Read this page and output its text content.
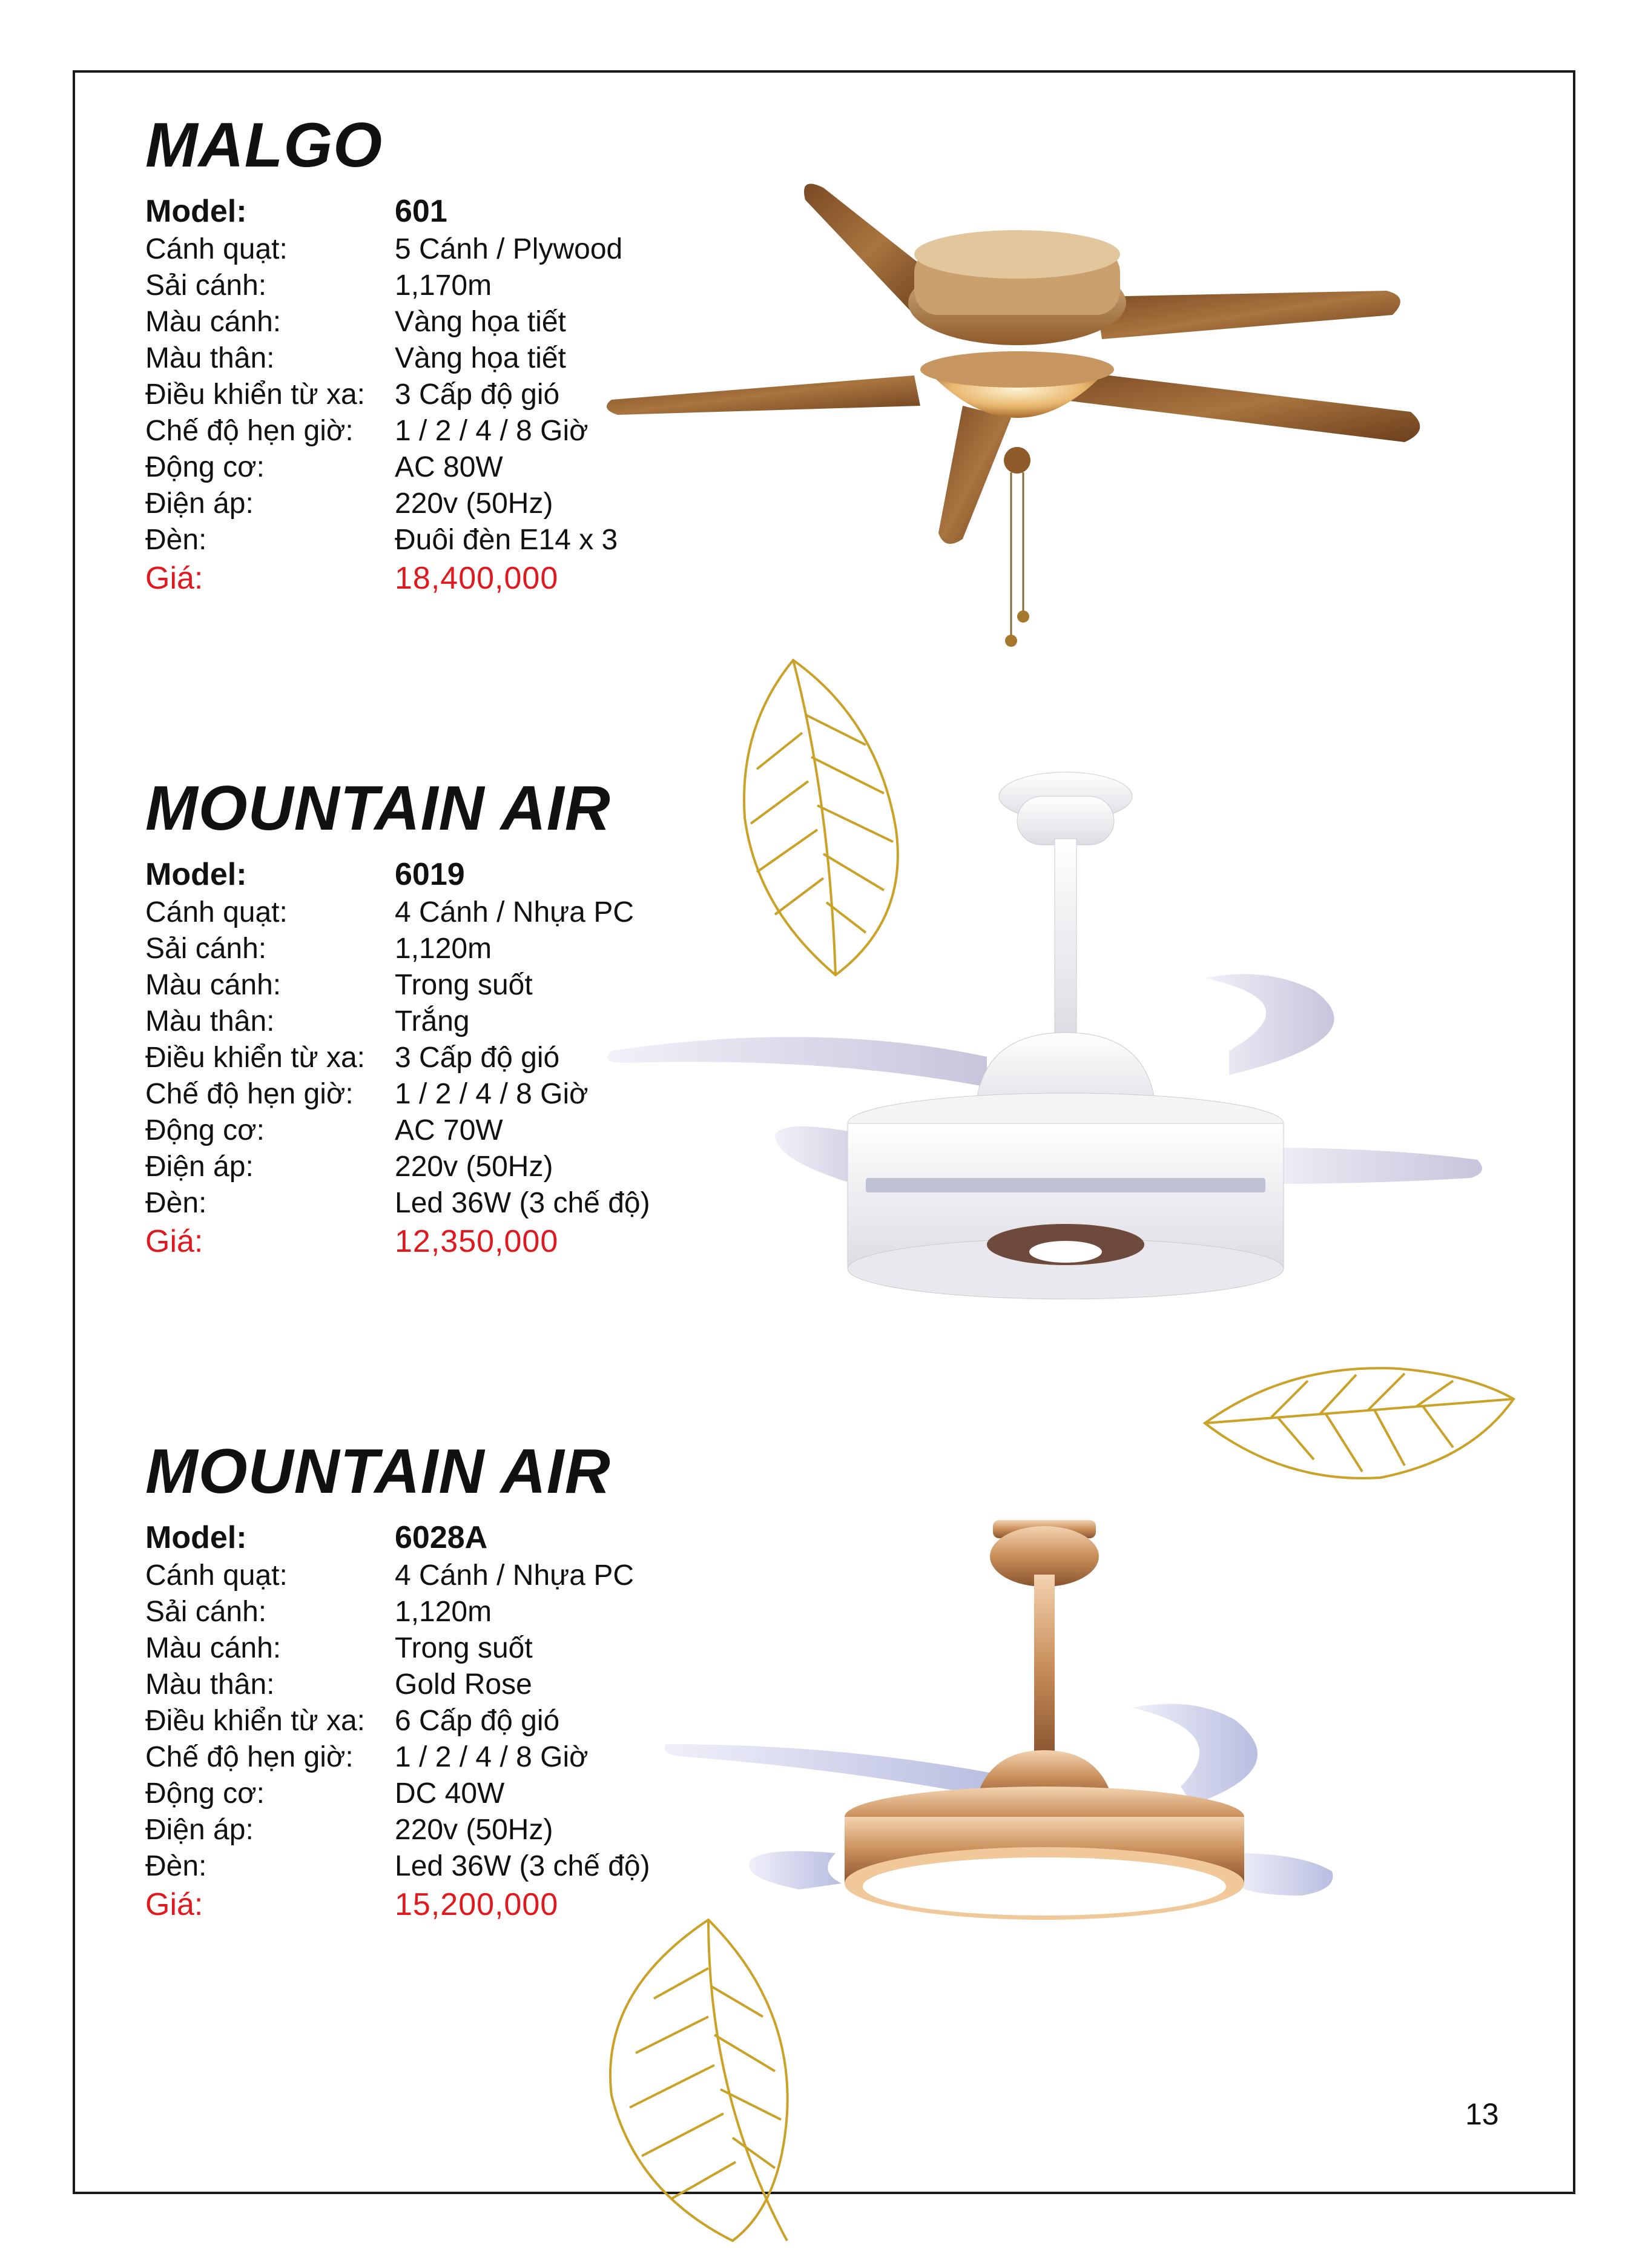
MALGO
Model:	601
Cánh quạt:	5 Cánh / Plywood
Sải cánh:	1,170m
Màu cánh:	Vàng họa tiết
Màu thân:	Vàng họa tiết
Điều khiển từ xa:	3 Cấp độ gió
Chế độ hẹn giờ:	1 / 2 / 4 / 8 Giờ
Động cơ:	AC 80W
Điện áp:	220v (50Hz)
Đèn:	Đuôi đèn E14 x 3
Giá:	18,400,000
MOUNTAIN AIR
Model:	6019
Cánh quạt:	4 Cánh / Nhựa PC
Sải cánh:	1,120m
Màu cánh:	Trong suốt
Màu thân:	Trắng
Điều khiển từ xa:	3 Cấp độ gió
Chế độ hẹn giờ:	1 / 2 / 4 / 8 Giờ
Động cơ:	AC 70W
Điện áp:	220v (50Hz)
Đèn:	Led 36W (3 chế độ)
Giá:	12,350,000
MOUNTAIN AIR
Model:	6028A
Cánh quạt:	4 Cánh / Nhựa PC
Sải cánh:	1,120m
Màu cánh:	Trong suốt
Màu thân:	Gold Rose
Điều khiển từ xa:	6 Cấp độ gió
Chế độ hẹn giờ:	1 / 2 / 4 / 8 Giờ
Động cơ:	DC 40W
Điện áp:	220v (50Hz)
Đèn:	Led 36W (3 chế độ)
Giá:	15,200,000
13
